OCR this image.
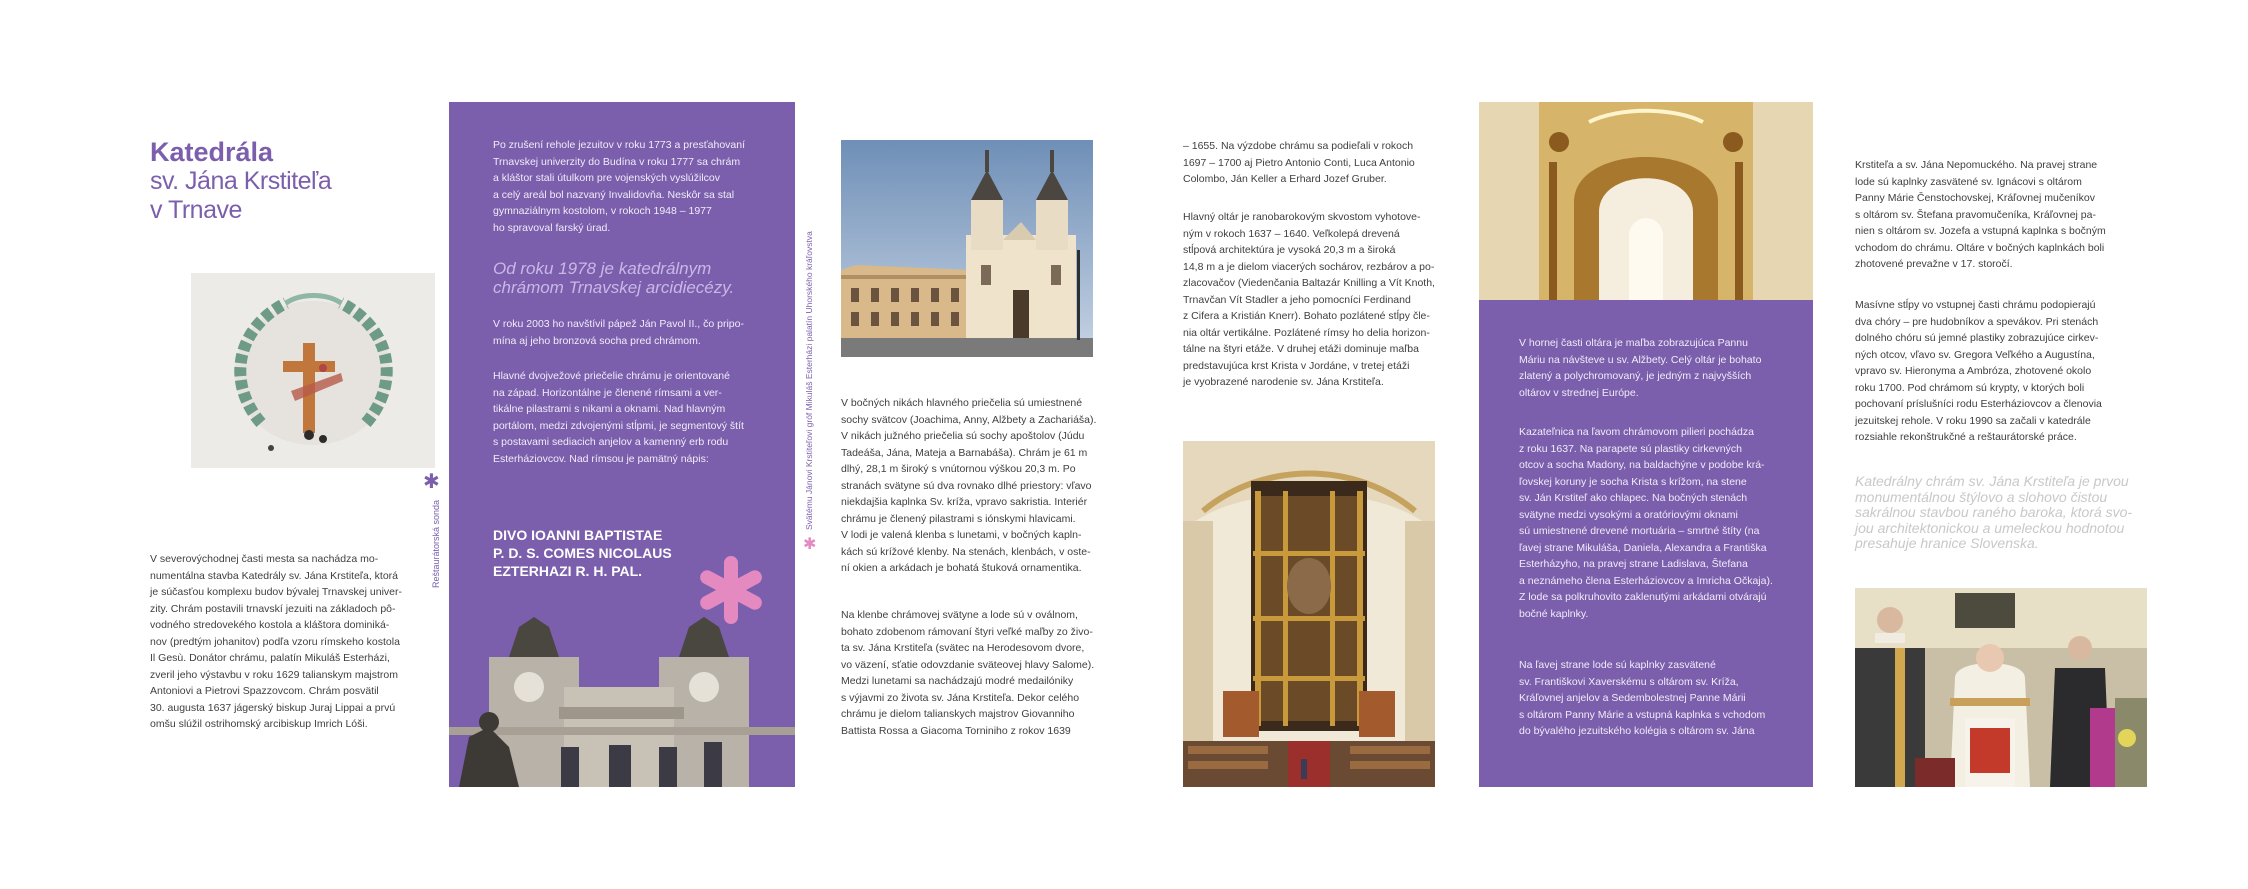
Katedrála
sv. Jána Krstiteľa
v Trnave
✱
Reštaurátorská sonda
V severovýchodnej časti mesta sa nachádza mo-
numentálna stavba Katedrály sv. Jána Krstiteľa, ktorá
je súčasťou komplexu budov bývalej Trnavskej univer-
zity. Chrám postavili trnavskí jezuiti na základoch pô-
vodného stredovekého kostola a kláštora dominiká-
nov (predtým johanitov) podľa vzoru rímskeho kostola
Il Gesù. Donátor chrámu, palatín Mikuláš Esterházi,
zveril jeho výstavbu v roku 1629 talianskym majstrom
Antoniovi a Pietrovi Spazzovcom. Chrám posvätil
30. augusta 1637 jágerský biskup Juraj Lippai a prvú
omšu slúžil ostrihomský arcibiskup Imrich Lóši.
Po zrušení rehole jezuitov v roku 1773 a presťahovaní
Trnavskej univerzity do Budína v roku 1777 sa chrám
a kláštor stali útulkom pre vojenských vyslúžilcov
a celý areál bol nazvaný Invalidovňa. Neskôr sa stal
gymnaziálnym kostolom, v rokoch 1948 – 1977
ho spravoval farský úrad.
Od roku 1978 je katedrálnym
chrámom Trnavskej arcidiecézy.
V roku 2003 ho navštívil pápež Ján Pavol II., čo pripo-
mína aj jeho bronzová socha pred chrámom.
Hlavné dvojvežové priečelie chrámu je orientované
na západ. Horizontálne je členené rímsami a ver-
tikálne pilastrami s nikami a oknami. Nad hlavným
portálom, medzi zdvojenými stĺpmi, je segmentový štít
s postavami sediacich anjelov a kamenný erb rodu
Esterháziovcov. Nad rímsou je pamätný nápis:
DIVO IOANNI BAPTISTAE
P. D. S. COMES NICOLAUS
EZTERHAZI R. H. PAL.
Svätému Jánovi Krstiteľovi gróf Mikuláš Esterházi palatín Uhorského kráľovstva
✱
V bočných nikách hlavného priečelia sú umiestnené
sochy svätcov (Joachima, Anny, Alžbety a Zachariáša).
V nikách južného priečelia sú sochy apoštolov (Júdu
Tadeáša, Jána, Mateja a Barnabáša). Chrám je 61 m
dlhý, 28,1 m široký s vnútornou výškou 20,3 m. Po
stranách svätyne sú dva rovnako dlhé priestory: vľavo
niekdajšia kaplnka Sv. kríža, vpravo sakristia. Interiér
chrámu je členený pilastrami s iónskymi hlavicami.
V lodi je valená klenba s lunetami, v bočných kapln-
kách sú krížové klenby. Na stenách, klenbách, v oste-
ní okien a arkádach je bohatá štuková ornamentika.
Na klenbe chrámovej svätyne a lode sú v oválnom,
bohato zdobenom rámovaní štyri veľké maľby zo živo-
ta sv. Jána Krstiteľa (svätec na Herodesovom dvore,
vo väzení, sťatie odovzdanie sväteovej hlavy Salome).
Medzi lunetami sa nachádzajú modré medailóniky
s výjavmi zo života sv. Jána Krstiteľa. Dekor celého
chrámu je dielom talianskych majstrov Giovanniho
Battista Rossa a Giacoma Torniniho z rokov 1639
– 1655. Na výzdobe chrámu sa podieľali v rokoch
1697 – 1700 aj Pietro Antonio Conti, Luca Antonio
Colombo, Ján Keller a Erhard Jozef Gruber.
Hlavný oltár je ranobarokovým skvostom vyhotove-
ným v rokoch 1637 – 1640. Veľkolepá drevená
stĺpová architektúra je vysoká 20,3 m a široká
14,8 m a je dielom viacerých sochárov, rezbárov a po-
zlacovačov (Viedenčania Baltazár Knilling a Vít Knoth,
Trnavčan Vít Stadler a jeho pomocníci Ferdinand
z Cifera a Kristián Knerr). Bohato pozlátené stĺpy čle-
nia oltár vertikálne. Pozlátené rímsy ho delia horizon-
tálne na štyri etáže. V druhej etáži dominuje maľba
predstavujúca krst Krista v Jordáne, v tretej etáži
je vyobrazené narodenie sv. Jána Krstiteľa.
V hornej časti oltára je maľba zobrazujúca Pannu
Máriu na návšteve u sv. Alžbety. Celý oltár je bohato
zlatený a polychromovaný, je jedným z najvyšších
oltárov v strednej Európe.
Kazateľnica na ľavom chrámovom pilieri pochádza
z roku 1637. Na parapete sú plastiky cirkevných
otcov a socha Madony, na baldachýne v podobe krá-
ľovskej koruny je socha Krista s krížom, na stene
sv. Ján Krstiteľ ako chlapec. Na bočných stenách
svätyne medzi vysokými a oratóriovými oknami
sú umiestnené drevené mortuária – smrtné štíty (na
ľavej strane Mikuláša, Daniela, Alexandra a Františka
Esterházyho, na pravej strane Ladislava, Štefana
a neznámeho člena Esterháziovcov a Imricha Očkaja).
Z lode sa polkruhovito zaklenutými arkádami otvárajú
bočné kaplnky.
Na ľavej strane lode sú kaplnky zasvätené
sv. Františkovi Xaverskému s oltárom sv. Kríža,
Kráľovnej anjelov a Sedembolestnej Panne Márii
s oltárom Panny Márie a vstupná kaplnka s vchodom
do bývalého jezuitského kolégia s oltárom sv. Jána
Krstiteľa a sv. Jána Nepomuckého. Na pravej strane
lode sú kaplnky zasvätené sv. Ignácovi s oltárom
Panny Márie Čenstochovskej, Kráľovnej mučeníkov
s oltárom sv. Štefana pravomučeníka, Kráľovnej pa-
nien s oltárom sv. Jozefa a vstupná kaplnka s bočným
vchodom do chrámu. Oltáre v bočných kaplnkách boli
zhotovené prevažne v 17. storočí.
Masívne stĺpy vo vstupnej časti chrámu podopierajú
dva chóry – pre hudobníkov a spevákov. Pri stenách
dolného chóru sú jemné plastiky zobrazujúce cirkev-
ných otcov, vľavo sv. Gregora Veľkého a Augustína,
vpravo sv. Hieronyma a Ambróza, zhotovené okolo
roku 1700. Pod chrámom sú krypty, v ktorých boli
pochovaní príslušníci rodu Esterháziovcov a členovia
jezuitskej rehole. V roku 1990 sa začali v katedrále
rozsiahle rekonštrukčné a reštaurátorské práce.
Katedrálny chrám sv. Jána Krstiteľa je prvou
monumentálnou štýlovo a slohovo čistou
sakrálnou stavbou raného baroka, ktorá svo-
jou architektonickou a umeleckou hodnotou
presahuje hranice Slovenska.
